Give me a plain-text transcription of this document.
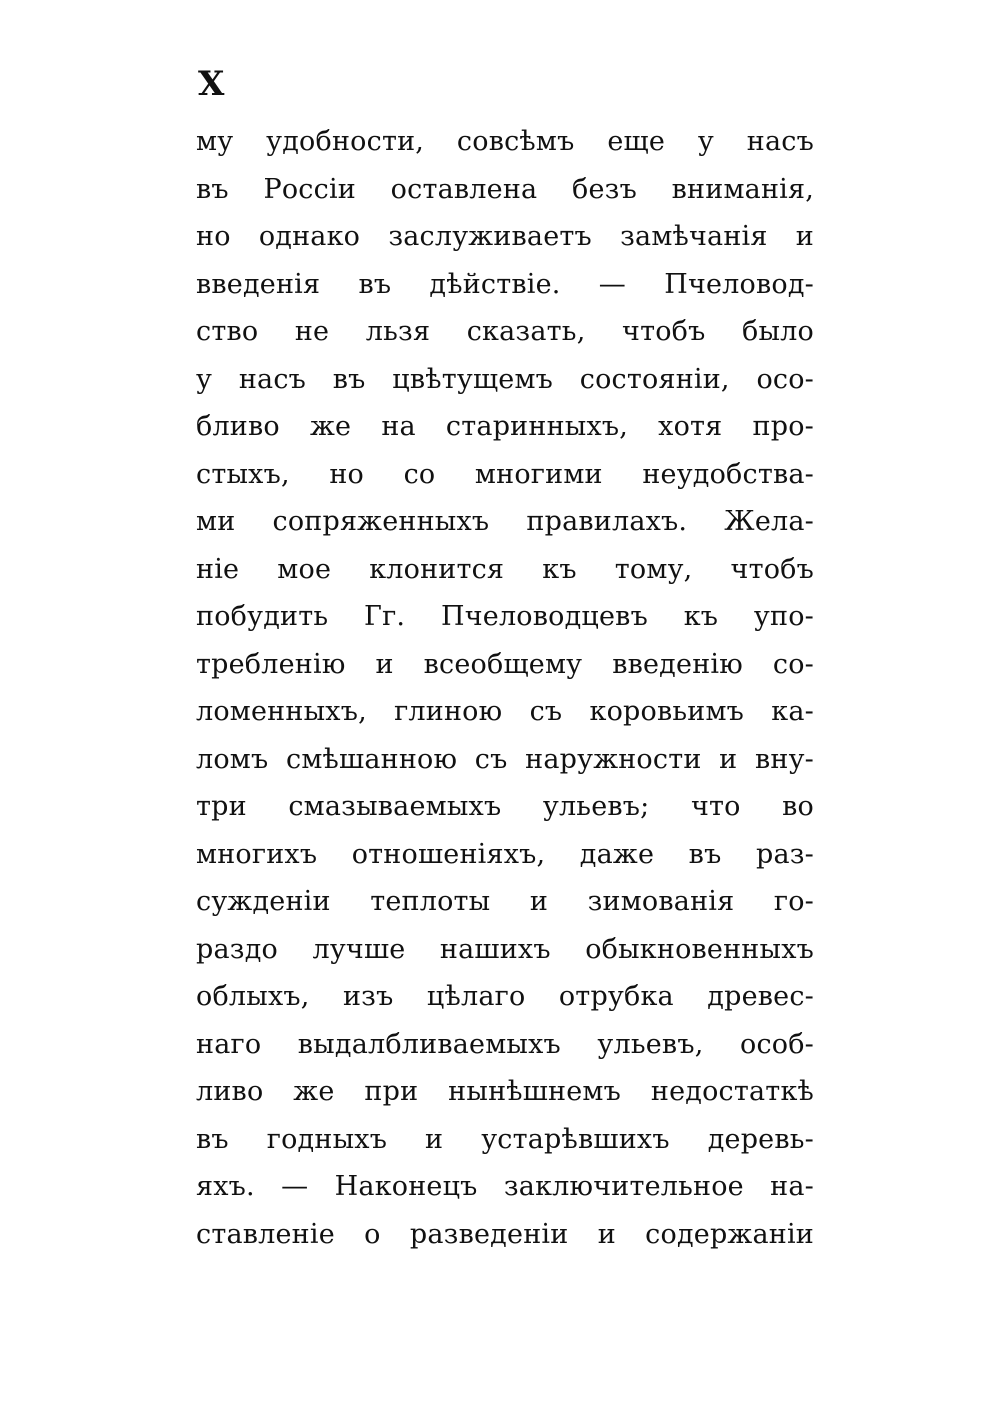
X
му удобности, совсѣмъ еще у насъ
въ Россiи оставлена безъ вниманiя,
но однако заслуживаетъ замѣчанiя и
введенiя въ дѣйствiе. — Пчеловод-
ство не льзя сказать, чтобъ было
у насъ въ цвѣтущемъ состоянiи, осо-
бливо же на старинныхъ, хотя про-
стыхъ, но со многими неудобства-
ми сопряженныхъ правилахъ. Жела-
нiе мое клонится къ тому, чтобъ
побудить Гг. Пчеловодцевъ къ упо-
требленiю и всеобщему введенiю со-
ломенныхъ, глиною съ коровьимъ ка-
ломъ смѣшанною съ наружности и вну-
три смазываемыхъ ульевъ; что во
многихъ отношенiяхъ, даже въ раз-
сужденiи теплоты и зимованiя го-
раздо лучше нашихъ обыкновенныхъ
облыхъ, изъ цѣлаго отрубка древес-
наго выдалбливаемыхъ ульевъ, особ-
ливо же при нынѣшнемъ недостаткѣ
въ годныхъ и устарѣвшихъ деревь-
яхъ. — Наконецъ заключительное на-
ставленiе о разведенiи и содержанiи
